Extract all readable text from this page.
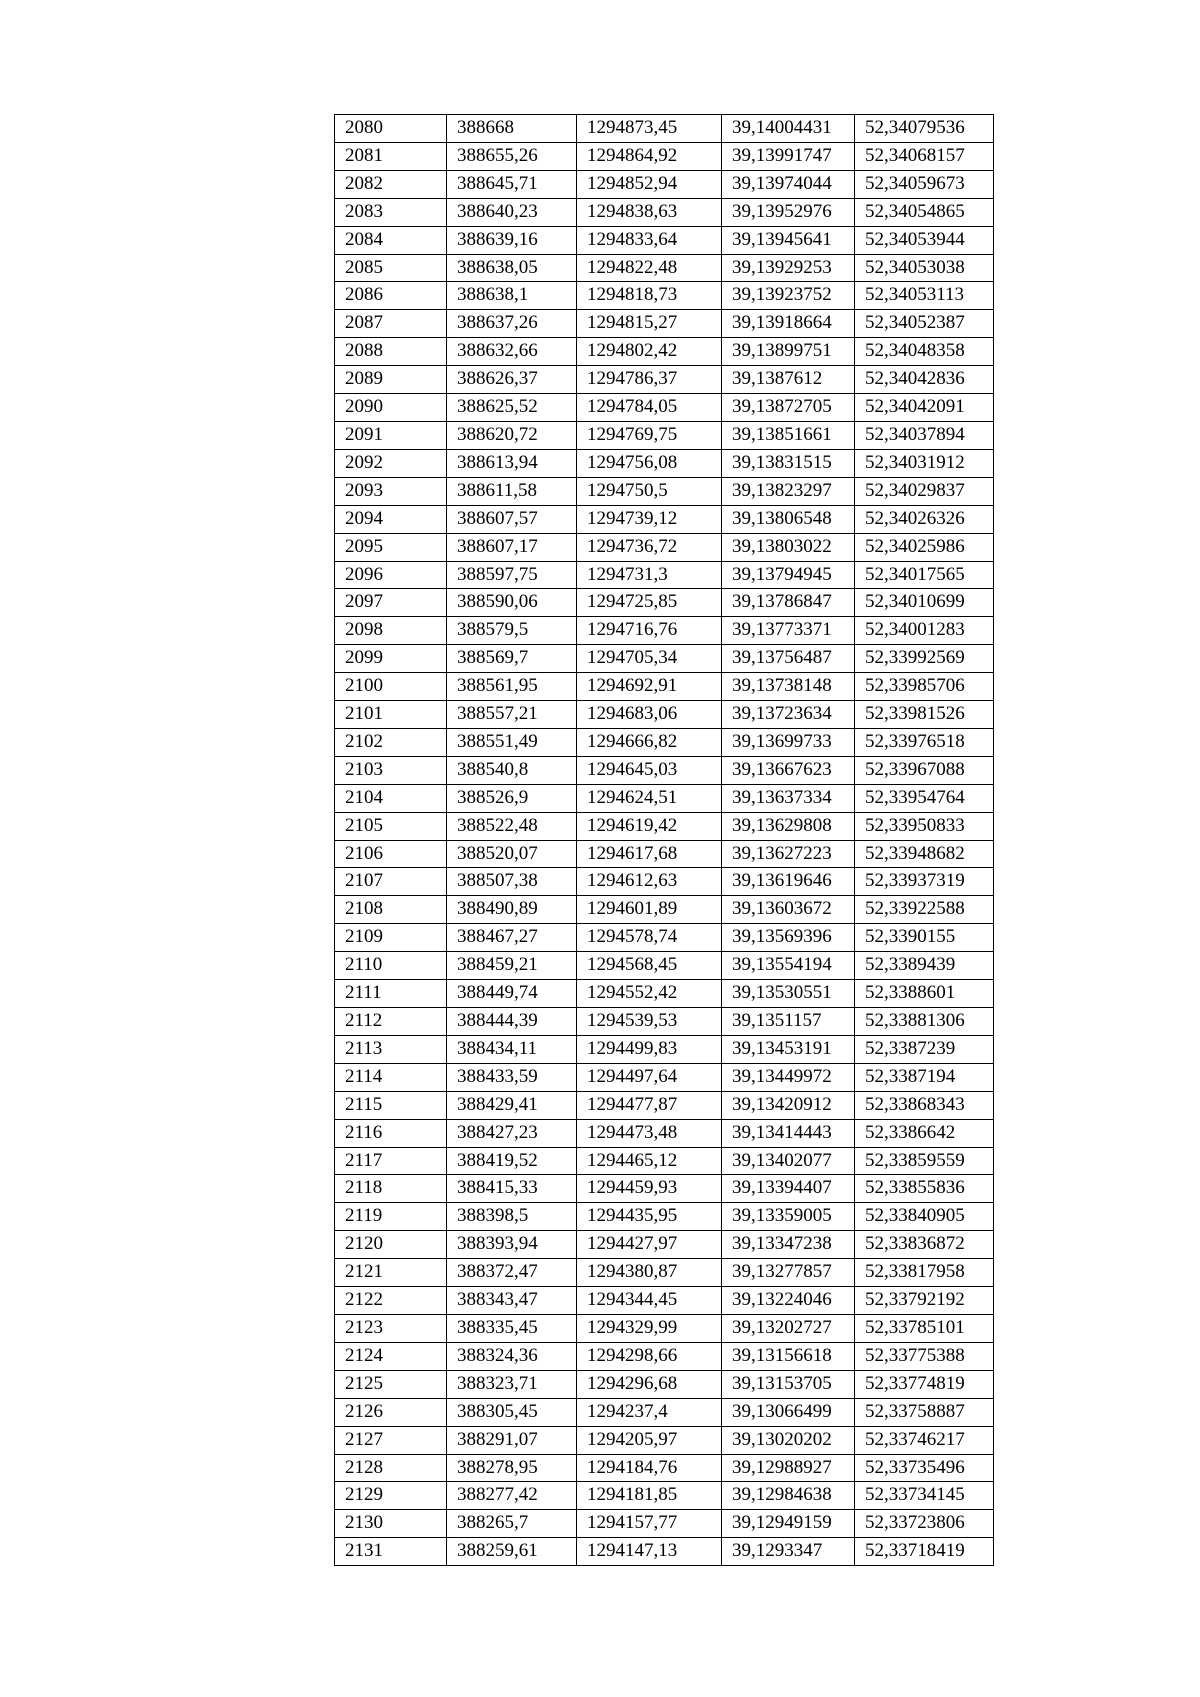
2080	388668	1294873,45	39,14004431	52,34079536
2081	388655,26	1294864,92	39,13991747	52,34068157
2082	388645,71	1294852,94	39,13974044	52,34059673
2083	388640,23	1294838,63	39,13952976	52,34054865
2084	388639,16	1294833,64	39,13945641	52,34053944
2085	388638,05	1294822,48	39,13929253	52,34053038
2086	388638,1	1294818,73	39,13923752	52,34053113
2087	388637,26	1294815,27	39,13918664	52,34052387
2088	388632,66	1294802,42	39,13899751	52,34048358
2089	388626,37	1294786,37	39,1387612	52,34042836
2090	388625,52	1294784,05	39,13872705	52,34042091
2091	388620,72	1294769,75	39,13851661	52,34037894
2092	388613,94	1294756,08	39,13831515	52,34031912
2093	388611,58	1294750,5	39,13823297	52,34029837
2094	388607,57	1294739,12	39,13806548	52,34026326
2095	388607,17	1294736,72	39,13803022	52,34025986
2096	388597,75	1294731,3	39,13794945	52,34017565
2097	388590,06	1294725,85	39,13786847	52,34010699
2098	388579,5	1294716,76	39,13773371	52,34001283
2099	388569,7	1294705,34	39,13756487	52,33992569
2100	388561,95	1294692,91	39,13738148	52,33985706
2101	388557,21	1294683,06	39,13723634	52,33981526
2102	388551,49	1294666,82	39,13699733	52,33976518
2103	388540,8	1294645,03	39,13667623	52,33967088
2104	388526,9	1294624,51	39,13637334	52,33954764
2105	388522,48	1294619,42	39,13629808	52,33950833
2106	388520,07	1294617,68	39,13627223	52,33948682
2107	388507,38	1294612,63	39,13619646	52,33937319
2108	388490,89	1294601,89	39,13603672	52,33922588
2109	388467,27	1294578,74	39,13569396	52,3390155
2110	388459,21	1294568,45	39,13554194	52,3389439
2111	388449,74	1294552,42	39,13530551	52,3388601
2112	388444,39	1294539,53	39,1351157	52,33881306
2113	388434,11	1294499,83	39,13453191	52,3387239
2114	388433,59	1294497,64	39,13449972	52,3387194
2115	388429,41	1294477,87	39,13420912	52,33868343
2116	388427,23	1294473,48	39,13414443	52,3386642
2117	388419,52	1294465,12	39,13402077	52,33859559
2118	388415,33	1294459,93	39,13394407	52,33855836
2119	388398,5	1294435,95	39,13359005	52,33840905
2120	388393,94	1294427,97	39,13347238	52,33836872
2121	388372,47	1294380,87	39,13277857	52,33817958
2122	388343,47	1294344,45	39,13224046	52,33792192
2123	388335,45	1294329,99	39,13202727	52,33785101
2124	388324,36	1294298,66	39,13156618	52,33775388
2125	388323,71	1294296,68	39,13153705	52,33774819
2126	388305,45	1294237,4	39,13066499	52,33758887
2127	388291,07	1294205,97	39,13020202	52,33746217
2128	388278,95	1294184,76	39,12988927	52,33735496
2129	388277,42	1294181,85	39,12984638	52,33734145
2130	388265,7	1294157,77	39,12949159	52,33723806
2131	388259,61	1294147,13	39,1293347	52,33718419
